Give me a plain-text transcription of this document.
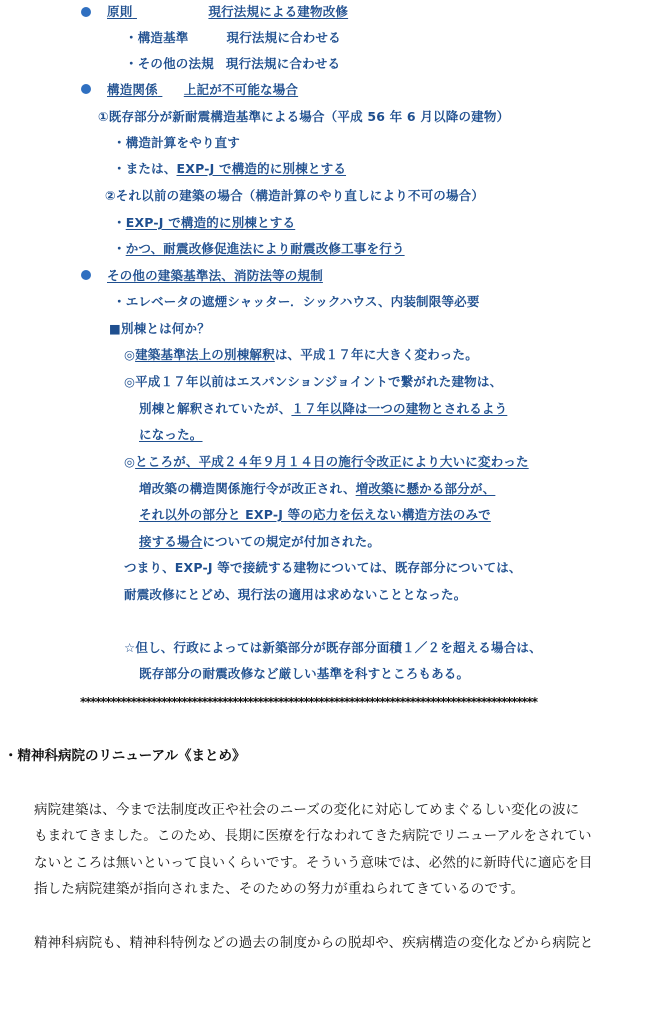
原則	現行法規による建物改修
・構造基準	現行法規に合わせる
・その他の法規 現行法規に合わせる
構造関係 上記が不可能な場合
①既存部分が新耐震構造基準による場合（平成 56 年 6 月以降の建物）
・構造計算をやり直す
・または、EXP-J で構造的に別棟とする
②それ以前の建築の場合（構造計算のやり直しにより不可の場合）
・EXP-J で構造的に別棟とする
・かつ、耐震改修促進法により耐震改修工事を行う
その他の建築基準法、消防法等の規制
・エレベータの遮煙シャッター．シックハウス、内装制限等必要
■別棟とは何か？
◎建築基準法上の別棟解釈は、平成１７年に大きく変わった。
◎平成１７年以前はエスパンションジョイントで繋がれた建物は、
別棟と解釈されていたが、１７年以降は一つの建物とされるよう
になった。
◎ところが、平成２４年９月１４日の施行令改正により大いに変わった
増改築の構造関係施行令が改正され、増改築に懸かる部分が、
それ以外の部分と EXP-J 等の応力を伝えない構造方法のみで
接する場合についての規定が付加された。
つまり、EXP-J 等で接続する建物については、既存部分については、
耐震改修にとどめ、現行法の適用は求めないこととなった。
☆但し、行政によっては新築部分が既存部分面積１／２を超える場合は、
既存部分の耐震改修など厳しい基準を科すところもある。
******************************************************************************************
・精神科病院のリニューアル《まとめ》
病院建築は、今まで法制度改正や社会のニーズの変化に対応してめまぐるしい変化の波に
もまれてきました。このため、長期に医療を行なわれてきた病院でリニューアルをされてい
ないところは無いといって良いくらいです。そういう意味では、必然的に新時代に適応を目
指した病院建築が指向されまた、そのための努力が重ねられてきているのです。
精神科病院も、精神科特例などの過去の制度からの脱却や、疾病構造の変化などから病院と
